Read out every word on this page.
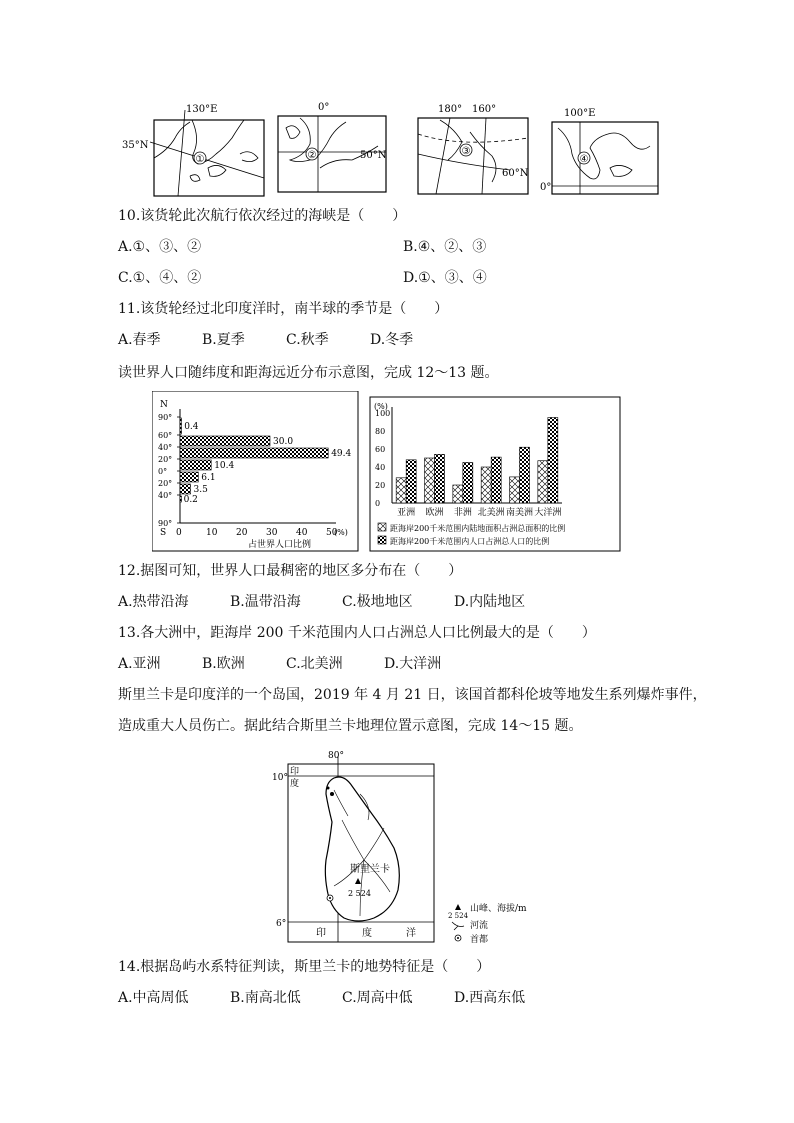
①
130°E
35°N
②
0°
50°N	③
180° 160°
60°N
④
100°E
0°
10.该货轮此次航行依次经过的海峡是（　　）
A.①、③、②	B.④、②、③
C.①、④、②	D.①、③、④
11.该货轮经过北印度洋时，南半球的季节是（　　）
A.春季	B.夏季	C.秋季	D.冬季
读世界人口随纬度和距海远近分布示意图，完成 12～13 题。
N
90°
60°
40°
20°
0°
20°
40°
90°
S
0.4
30.0
49.4
10.4
6.1
3.5
0.2
0	10 20 30 40 50
(%)
占世界人口比例
(%)
0
20
40
60
80
100
亚洲 欧洲 非洲 北美洲 南美洲 大洋洲
距海岸200千米范围内陆地面积占洲总面积的比例
距海岸200千米范围内人口占洲总人口的比例
12.据图可知，世界人口最稠密的地区多分布在（　　）
A.热带沿海	B.温带沿海	C.极地地区	D.内陆地区
13.各大洲中，距海岸 200 千米范围内人口占洲总人口比例最大的是（　　）
A.亚洲	B.欧洲	C.北美洲	D.大洋洲
斯里兰卡是印度洋的一个岛国，2019 年 4 月 21 日，该国首都科伦坡等地发生系列爆炸事件，
造成重大人员伤亡。据此结合斯里兰卡地理位置示意图，完成 14～15 题。
80°
10°
6°
印
度
斯里兰卡
2 524
印	度	洋
2 524
山峰、海拔/m
河流
首都
14.根据岛屿水系特征判读，斯里兰卡的地势特征是（　　）
A.中高周低	B.南高北低	C.周高中低	D.西高东低
